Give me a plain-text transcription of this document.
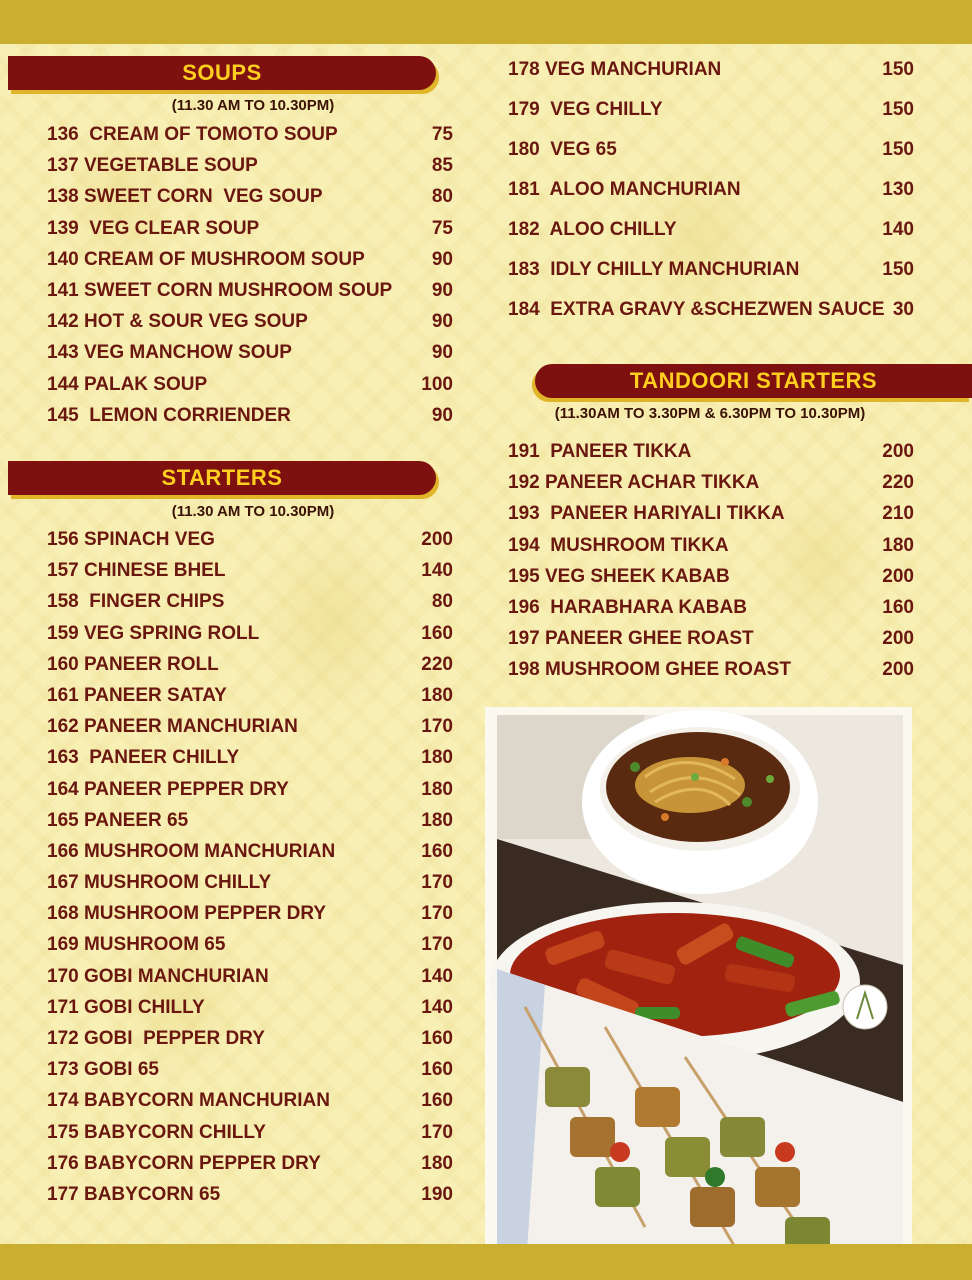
SOUPS
(11.30 AM TO 10.30PM)
136  CREAM OF TOMOTO SOUP	75
137 VEGETABLE SOUP	85
138 SWEET CORN  VEG SOUP	80
139  VEG CLEAR SOUP	75
140 CREAM OF MUSHROOM SOUP	90
141 SWEET CORN MUSHROOM SOUP 90
142 HOT & SOUR VEG SOUP	90
143 VEG MANCHOW SOUP	90
144 PALAK SOUP	100
145  LEMON CORRIENDER	90
STARTERS
(11.30 AM TO 10.30PM)
156 SPINACH VEG	200
157 CHINESE BHEL	140
158  FINGER CHIPS	80
159 VEG SPRING ROLL	160
160 PANEER ROLL	220
161 PANEER SATAY	180
162 PANEER MANCHURIAN	170
163  PANEER CHILLY	180
164 PANEER PEPPER DRY	180
165 PANEER 65	180
166 MUSHROOM MANCHURIAN	160
167 MUSHROOM CHILLY	170
168 MUSHROOM PEPPER DRY	170
169 MUSHROOM 65	170
170 GOBI MANCHURIAN	140
171 GOBI CHILLY	140
172 GOBI  PEPPER DRY	160
173 GOBI 65	160
174 BABYCORN MANCHURIAN	160
175 BABYCORN CHILLY	170
176 BABYCORN PEPPER DRY	180
177 BABYCORN 65	190
178 VEG MANCHURIAN	150
179  VEG CHILLY	150
180  VEG 65	150
181  ALOO MANCHURIAN	130
182  ALOO CHILLY	140
183  IDLY CHILLY MANCHURIAN	150
184  EXTRA GRAVY &SCHEZWEN SAUCE 30
TANDOORI STARTERS
(11.30AM TO 3.30PM & 6.30PM TO 10.30PM)
191  PANEER TIKKA	200
192 PANEER ACHAR TIKKA	220
193  PANEER HARIYALI TIKKA	210
194  MUSHROOM TIKKA	180
195 VEG SHEEK KABAB	200
196  HARABHARA KABAB	160
197 PANEER GHEE ROAST	200
198 MUSHROOM GHEE ROAST	200
